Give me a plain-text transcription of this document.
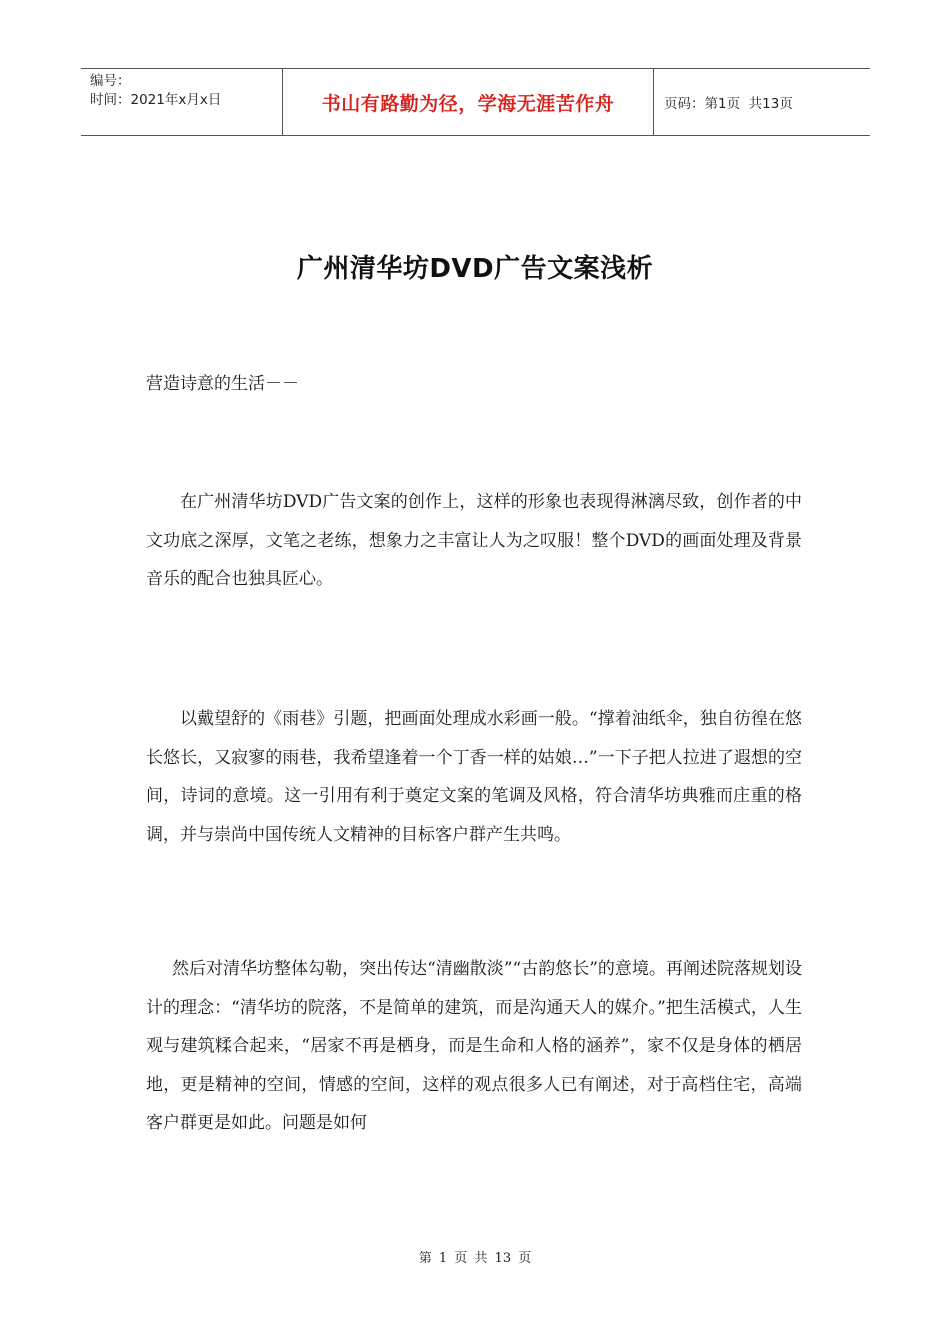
编号：
时间：2021年x月x日	书山有路勤为径，学海无涯苦作舟	页码：第1页  共13页
广州清华坊DVD广告文案浅析
营造诗意的生活－－

在广州清华坊DVD广告文案的创作上，这样的形象也表现得淋漓尽致，创作者的中文功底之深厚，文笔之老练，想象力之丰富让人为之叹服！整个DVD的画面处理及背景音乐的配合也独具匠心。

以戴望舒的《雨巷》引题，把画面处理成水彩画一般。“撑着油纸伞，独自彷徨在悠长悠长，又寂寥的雨巷，我希望逢着一个丁香一样的姑娘…”一下子把人拉进了遐想的空间，诗词的意境。这一引用有利于奠定文案的笔调及风格，符合清华坊典雅而庄重的格调，并与崇尚中国传统人文精神的目标客户群产生共鸣。

然后对清华坊整体勾勒，突出传达“清幽散淡”“古韵悠长”的意境。再阐述院落规划设计的理念：“清华坊的院落，不是简单的建筑，而是沟通天人的媒介。”把生活模式，人生观与建筑糅合起来，“居家不再是栖身，而是生命和人格的涵养”，家不仅是身体的栖居地，更是精神的空间，情感的空间，这样的观点很多人已有阐述，对于高档住宅，高端客户群更是如此。问题是如何

第 1 页 共 13 页
